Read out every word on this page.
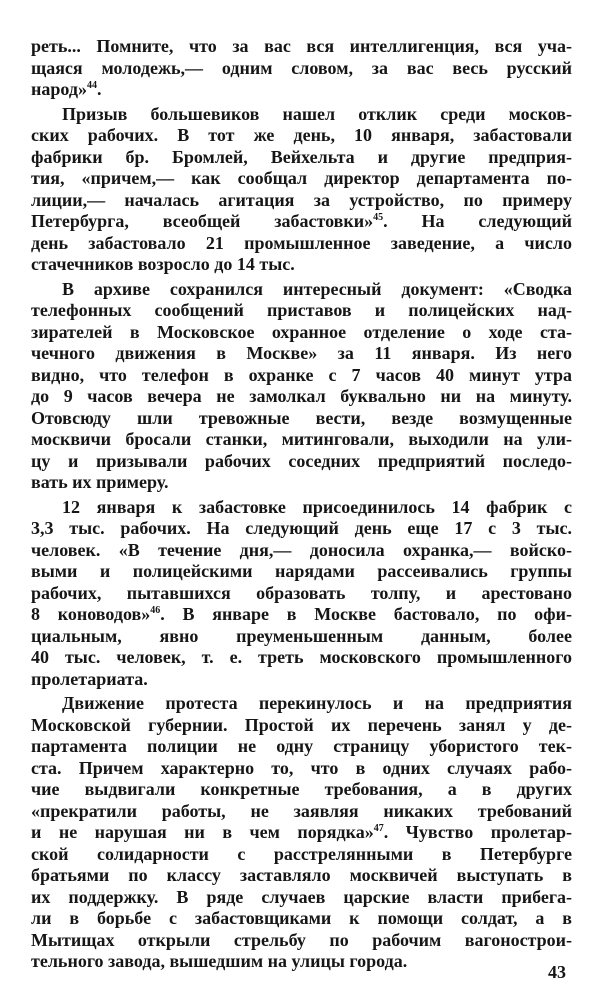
реть... Помните, что за вас вся интеллигенция, вся уча-
щаяся молодежь,— одним словом, за вас весь русский
народ»$^{44}$.
Призыв большевиков нашел отклик среди москов-
ских рабочих. В тот же день, 10 января, забастовали
фабрики бр. Бромлей, Вейхельта и другие предприя-
тия, «причем,— как сообщал директор департамента по-
лиции,— началась агитация за устройство, по примеру
Петербурга, всеобщей забастовки»$^{45}$. На следующий
день забастовало 21 промышленное заведение, а число
стачечников возросло до 14 тыс.
В архиве сохранился интересный документ: «Сводка
телефонных сообщений приставов и полицейских над-
зирателей в Московское охранное отделение о ходе ста-
чечного движения в Москве» за 11 января. Из него
видно, что телефон в охранке с 7 часов 40 минут утра
до 9 часов вечера не замолкал буквально ни на минуту.
Отовсюду шли тревожные вести, везде возмущенные
москвичи бросали станки, митинговали, выходили на ули-
цу и призывали рабочих соседних предприятий последо-
вать их примеру.
12 января к забастовке присоединилось 14 фабрик с
3,3 тыс. рабочих. На следующий день еще 17 с 3 тыс.
человек. «В течение дня,— доносила охранка,— войско-
выми и полицейскими нарядами рассеивались группы
рабочих, пытавшихся образовать толпу, и арестовано
8 коноводов»$^{46}$. В январе в Москве бастовало, по офи-
циальным, явно преуменьшенным данным, более
40 тыс. человек, т. е. треть московского промышленного
пролетариата.
Движение протеста перекинулось и на предприятия
Московской губернии. Простой их перечень занял у де-
партамента полиции не одну страницу убористого тек-
ста. Причем характерно то, что в одних случаях рабо-
чие выдвигали конкретные требования, а в других
«прекратили работы, не заявляя никаких требований
и не нарушая ни в чем порядка»$^{47}$. Чувство пролетар-
ской солидарности с расстрелянными в Петербурге
братьями по классу заставляло москвичей выступать в
их поддержку. В ряде случаев царские власти прибега-
ли в борьбе с забастовщиками к помощи солдат, а в
Мытищах открыли стрельбу по рабочим вагонострои-
тельного завода, вышедшим на улицы города.
43
